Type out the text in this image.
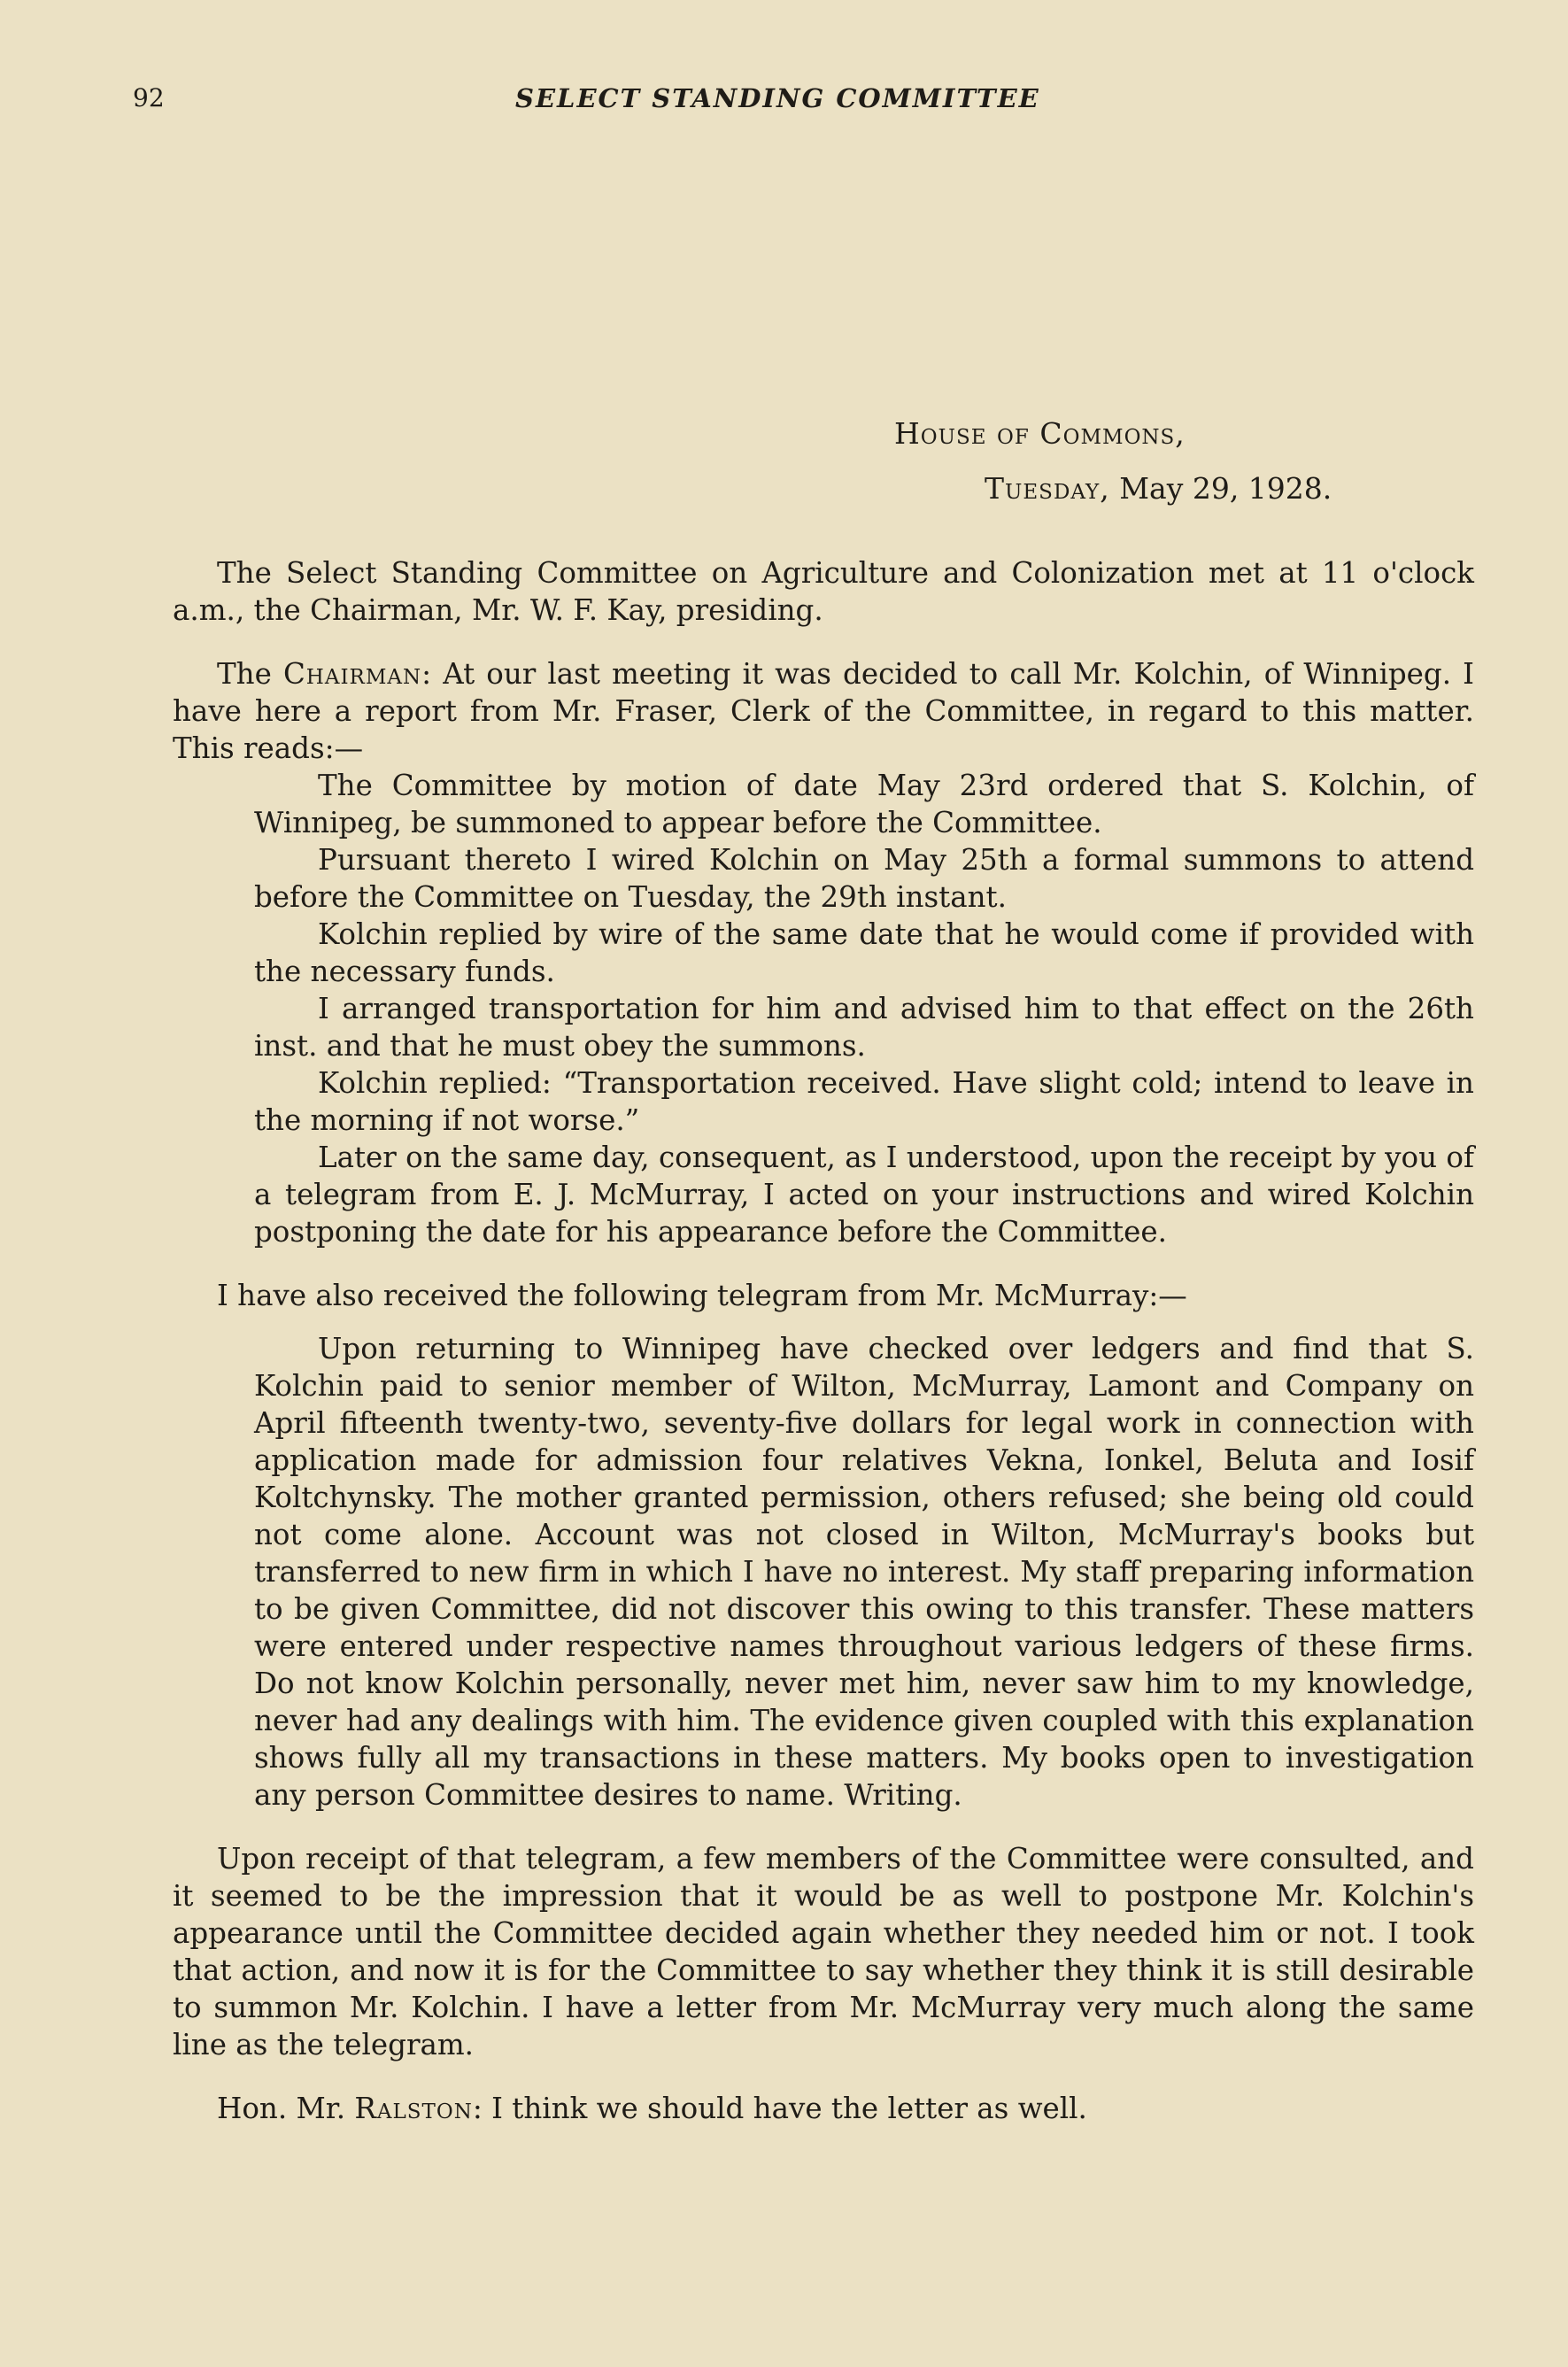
92	SELECT STANDING COMMITTEE
House of Commons,
Tuesday, May 29, 1928.

The Select Standing Committee on Agriculture and Colonization met at 11 o'clock a.m., the Chairman, Mr. W. F. Kay, presiding.

The Chairman: At our last meeting it was decided to call Mr. Kolchin, of Winnipeg. I have here a report from Mr. Fraser, Clerk of the Committee, in regard to this matter. This reads:—

The Committee by motion of date May 23rd ordered that S. Kolchin, of Winnipeg, be summoned to appear before the Committee.

Pursuant thereto I wired Kolchin on May 25th a formal summons to attend before the Committee on Tuesday, the 29th instant.

Kolchin replied by wire of the same date that he would come if provided with the necessary funds.

I arranged transportation for him and advised him to that effect on the 26th inst. and that he must obey the summons.

Kolchin replied: “Transportation received. Have slight cold; intend to leave in the morning if not worse.”

Later on the same day, consequent, as I understood, upon the receipt by you of a telegram from E. J. McMurray, I acted on your instructions and wired Kolchin postponing the date for his appearance before the Committee.

I have also received the following telegram from Mr. McMurray:—

Upon returning to Winnipeg have checked over ledgers and find that S. Kolchin paid to senior member of Wilton, McMurray, Lamont and Company on April fifteenth twenty-two, seventy-five dollars for legal work in connection with application made for admission four relatives Vekna, Ionkel, Beluta and Iosif Koltchynsky. The mother granted permission, others refused; she being old could not come alone. Account was not closed in Wilton, McMurray's books but transferred to new firm in which I have no interest. My staff preparing information to be given Committee, did not discover this owing to this transfer. These matters were entered under respective names throughout various ledgers of these firms. Do not know Kolchin personally, never met him, never saw him to my knowledge, never had any dealings with him. The evidence given coupled with this explanation shows fully all my transactions in these matters. My books open to investigation any person Committee desires to name. Writing.

Upon receipt of that telegram, a few members of the Committee were consulted, and it seemed to be the impression that it would be as well to postpone Mr. Kolchin's appearance until the Committee decided again whether they needed him or not. I took that action, and now it is for the Committee to say whether they think it is still desirable to summon Mr. Kolchin. I have a letter from Mr. McMurray very much along the same line as the telegram.

Hon. Mr. Ralston: I think we should have the letter as well.
